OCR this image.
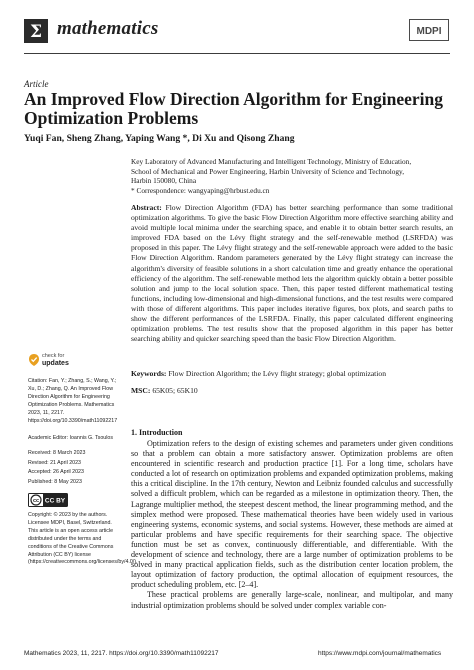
Σ mathematics	MDPI
Article
An Improved Flow Direction Algorithm for Engineering Optimization Problems
Yuqi Fan, Sheng Zhang, Yaping Wang *, Di Xu and Qisong Zhang
Key Laboratory of Advanced Manufacturing and Intelligent Technology, Ministry of Education,
School of Mechanical and Power Engineering, Harbin University of Science and Technology,
Harbin 150080, China
* Correspondence: wangyaping@hrbust.edu.cn
Abstract: Flow Direction Algorithm (FDA) has better searching performance than some traditional optimization algorithms. To give the basic Flow Direction Algorithm more effective searching ability and avoid multiple local minima under the searching space, and enable it to obtain better search results, an improved FDA based on the Lévy flight strategy and the self-renewable method (LSRFDA) was proposed in this paper. The Lévy flight strategy and the self-renewable approach were added to the basic Flow Direction Algorithm. Random parameters generated by the Lévy flight strategy can increase the algorithm's diversity of feasible solutions in a short calculation time and greatly enhance the operational efficiency of the algorithm. The self-renewable method lets the algorithm quickly obtain a better possible solution and jump to the local solution space. Then, this paper tested different mathematical testing functions, including low-dimensional and high-dimensional functions, and the test results were compared with those of different algorithms. This paper includes iterative figures, box plots, and search paths to show the different performances of the LSRFDA. Finally, this paper calculated different engineering optimization problems. The test results show that the proposed algorithm in this paper has better searching ability and quicker searching speed than the basic Flow Direction Algorithm.
Keywords: Flow Direction Algorithm; the Lévy flight strategy; global optimization
MSC: 65K05; 65K10
check for
updates
Citation: Fan, Y.; Zhang, S.; Wang, Y.; Xu, D.; Zhang, Q. An Improved Flow Direction Algorithm for Engineering Optimization Problems. Mathematics 2023, 11, 2217. https://doi.org/10.3390/math11092217
Academic Editor: Ioannis G. Tsoulos
Received: 8 March 2023
Revised: 21 April 2023
Accepted: 26 April 2023
Published: 8 May 2023
cc CC BY
Copyright: © 2023 by the authors. Licensee MDPI, Basel, Switzerland. This article is an open access article distributed under the terms and conditions of the Creative Commons Attribution (CC BY) license (https://creativecommons.org/licenses/by/4.0/).
1. Introduction

Optimization refers to the design of existing schemes and parameters under given conditions so that a problem can obtain a more satisfactory answer. Optimization problems are often encountered in scientific research and production practice [1]. For a long time, scholars have conducted a lot of research on optimization problems and expanded optimization problems, making this a critical discipline. In the 17th century, Newton and Leibniz founded calculus and successfully solved a difficult problem, which can be regarded as a milestone in optimization theory. Then, the Lagrange multiplier method, the steepest descent method, the linear programming method, and the simplex method were proposed. These mathematical theories have been widely used in various engineering systems, economic systems, and social systems. However, these methods are aimed at particular problems and have specific requirements for their searching space. The objective function must be set as convex, continuously differentiable, and differentiable. With the development of science and technology, there are a large number of optimization problems to be solved in many practical application fields, such as the distribution center location problem, the layout optimization of factory production, the optimal allocation of equipment resources, the product scheduling problem, etc. [2–4].

These practical problems are generally large-scale, nonlinear, and multipolar, and many industrial optimization problems should be solved under complex variable con-

Mathematics 2023, 11, 2217. https://doi.org/10.3390/math11092217	https://www.mdpi.com/journal/mathematics
